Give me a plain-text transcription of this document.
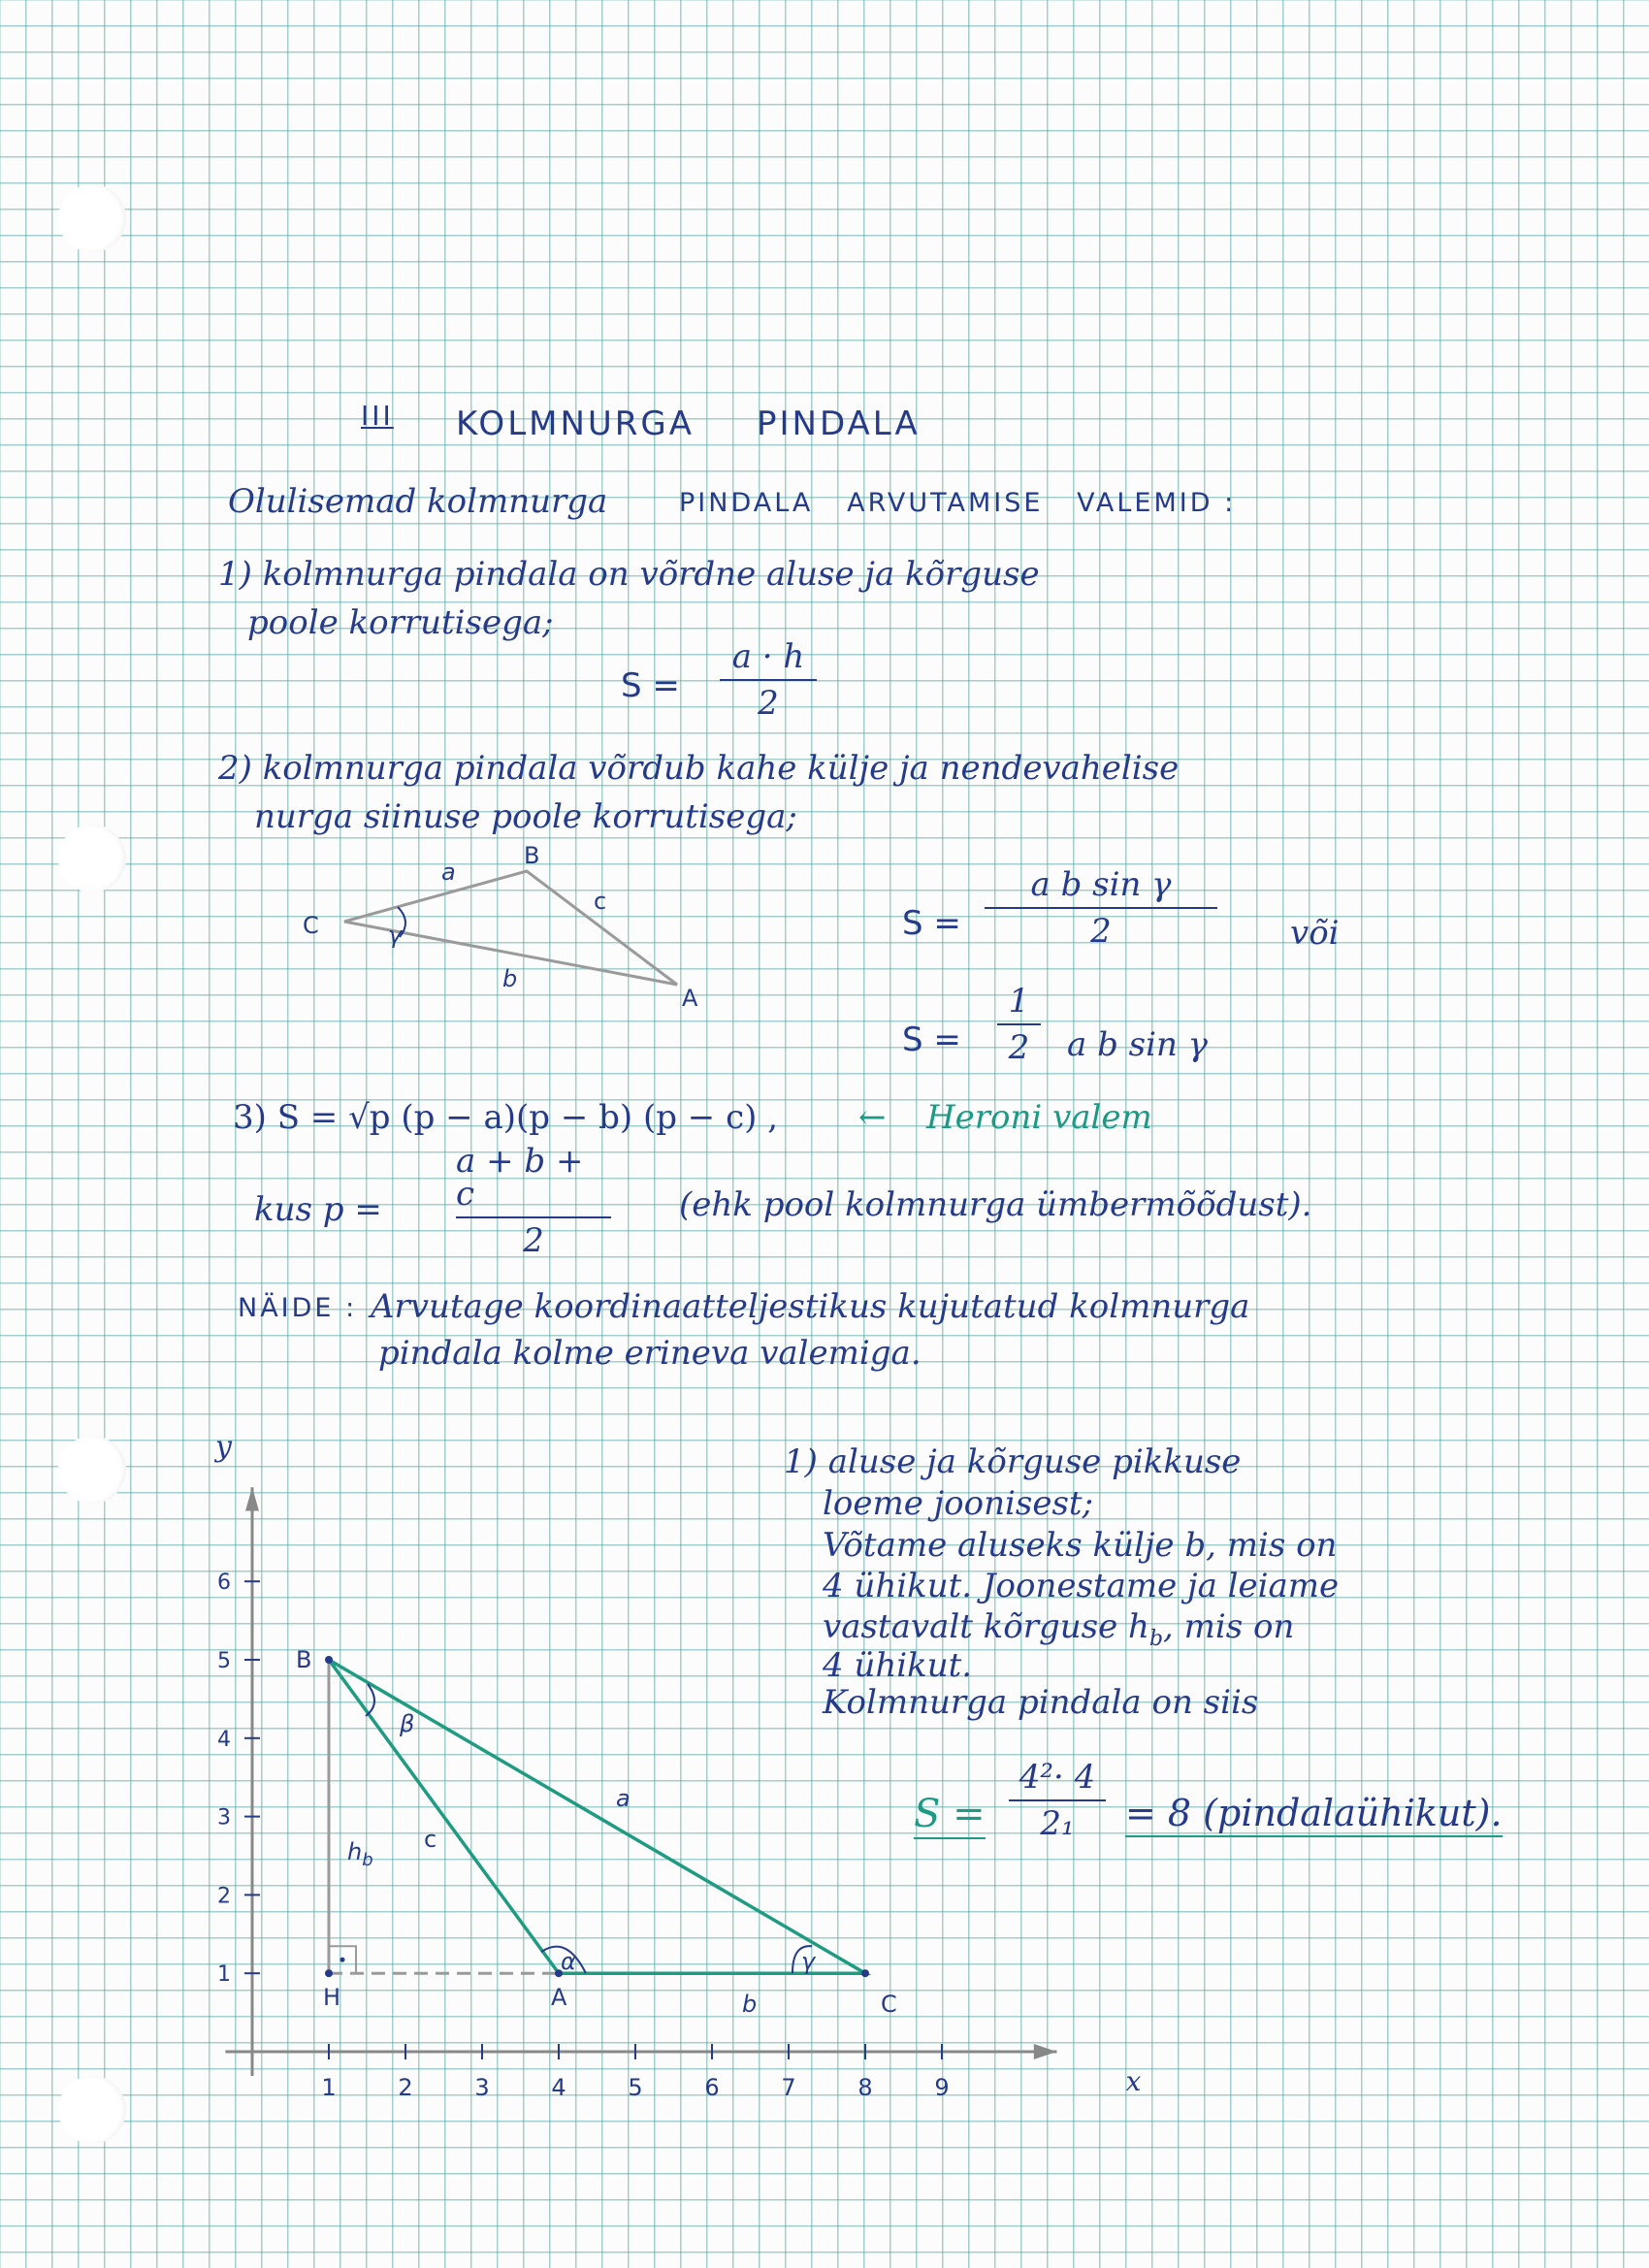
III KOLMNURGA PINDALA
Olulisemad kolmnurga	PINDALA   ARVUTAMISE   VALEMID :
1) kolmnurga pindala on võrdne aluse ja kõrguse
poole korrutisega;
S =
a · h
2
2) kolmnurga pindala võrdub kahe külje ja nendevahelise
nurga siinuse poole korrutisega;
a
B
c
C	γ
b
A
S =
a b sin γ
2	või
S =
1
2 a b sin γ
3) S = √p (p − a)(p − b) (p − c) , ← Heroni valem
kus p =
a + b + c
2
(ehk pool kolmnurga ümbermõõdust).
NÄIDE : Arvutage koordinaatteljestikus kujutatud kolmnurga
pindala kolme erineva valemiga.
1	2	3	4	5	6	7	8	9
1
2
3
4
5
6
x
y
B
β
a
c
$h_b$
α	γ
H	A	b	C
1) aluse ja kõrguse pikkuse
loeme joonisest;
Võtame aluseks külje b, mis on
4 ühikut. Joonestame ja leiame
vastavalt kõrguse $h_b$, mis on
4 ühikut.
Kolmnurga pindala on siis
S =
4²· 4
2₁ = 8 (pindalaühikut).
